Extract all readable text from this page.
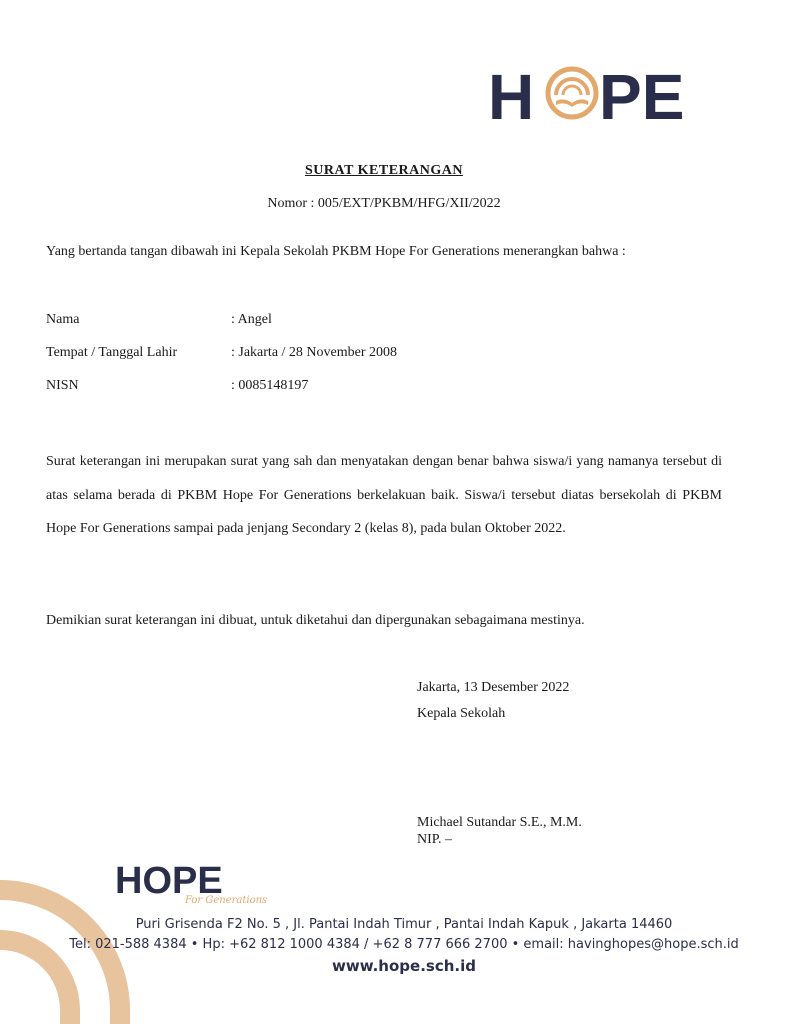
H PE
SURAT KETERANGAN
Nomor : 005/EXT/PKBM/HFG/XII/2022
Yang bertanda tangan dibawah ini Kepala Sekolah PKBM Hope For Generations menerangkan bahwa :
Nama	: Angel
Tempat / Tanggal Lahir	: Jakarta / 28 November 2008
NISN	: 0085148197
Surat keterangan ini merupakan surat yang sah dan menyatakan dengan benar bahwa siswa/i yang namanya tersebut di atas selama berada di PKBM Hope For Generations berkelakuan baik. Siswa/i tersebut diatas bersekolah di PKBM Hope For Generations sampai pada jenjang Secondary 2 (kelas 8), pada bulan Oktober 2022.
Demikian surat keterangan ini dibuat, untuk diketahui dan dipergunakan sebagaimana mestinya.
Jakarta, 13 Desember 2022
Kepala Sekolah
Michael Sutandar S.E., M.M.
NIP. –
HOPE
For Generations
Puri Grisenda F2 No. 5 , Jl. Pantai Indah Timur , Pantai Indah Kapuk , Jakarta 14460
Tel: 021-588 4384 • Hp: +62 812 1000 4384 / +62 8 777 666 2700 • email: havinghopes@hope.sch.id
www.hope.sch.id
